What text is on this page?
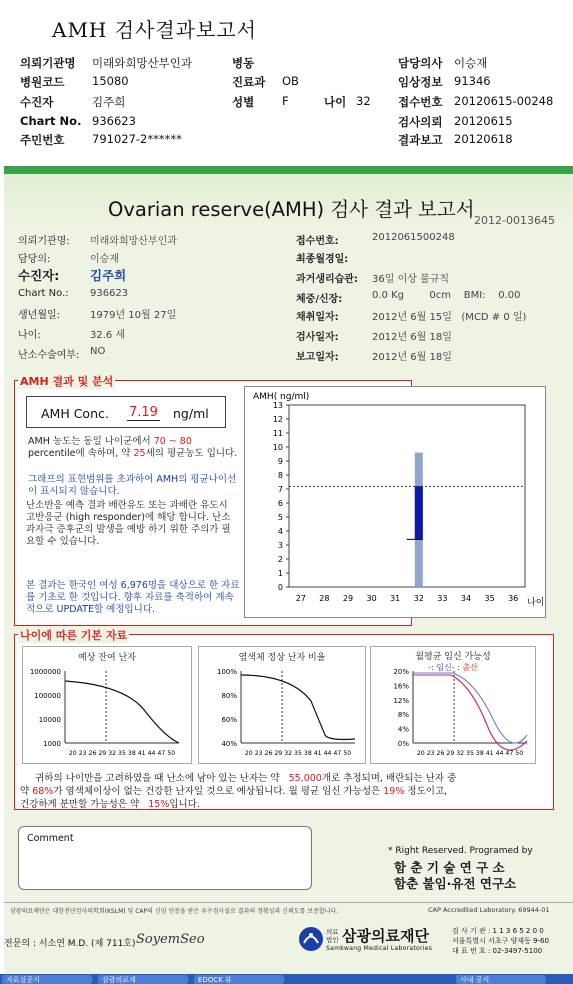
AMH 검사결과보고서
의뢰기관명 미래와희망산부인과	병동	담당의사 이승재
병원코드 15080	진료과 OB	임상정보 91346
수진자	김주희	성별 F	나이 32 접수번호 20120615-00248
Chart No. 936623	검사의뢰 20120615
주민번호 791027-2******	결과보고 20120618
Ovarian reserve(AMH) 검사 결과 보고서 2012-0013645
의뢰기관명: 미래와희망산부인과
담당의:	이승재
수진자: 김주희
Chart No.: 936623
생년월일:	1979년 10월 27일
나이:	32.6 세
난소수술여부: NO
접수번호:	2012061500248
최종월경일:
과거생리습관: 36일 이상 불규칙
체중/신장:	0.0 Kg        0cm    BMI:    0.00
채취일자:	2012년 6월 15일   (MCD # 0 일)
검사일자:	2012년 6월 18일
보고일자:	2012년 6월 18일
AMH 결과 및 분석
AMH Conc. 7.19 ng/ml
AMH 농도는 동일 나이군에서 70 ~ 80
percentile에 속하며, 약 25세의 평균농도 입니다.
그래프의 표현범위를 초과하여 AMH의 평균나이선이 표시되지 않습니다.
난소반응 예측 결과 배란유도 또는 과배란 유도시 고반응군 (high responder)에 해당 합니다. 난소과자극 증후군의 발생을 예방 하기 위한 주의가 필요할 수 있습니다.
본 결과는 한국인 여성 6,976명을 대상으로 한 자료를 기초로 한 것입니다. 향후 자료를 축적하여 계속적으로 UPDATE할 예정입니다.
AMH( ng/ml)
0
1
2
3
4
5
6
7
8
9
10
11
12
13
27 28 29 30 31 32 33 34 35 36 나이
나이에 따른 기본 자료
예상 잔여 난자
1000000
100000
10000
1000
20 23 26 29 32 35 38 41 44 47 50
염색체 정상 난자 비율
100%
80%
60%
40%
20 23 26 29 32 35 38 41 44 47 50
월평균 임신 가능성
-: 임신- : 출산
20%
16%
12%
8%
4%
0%
20 23 26 29 32 35 38 41 44 47 50
귀하의 나이만을 고려하였을 때 난소에 남아 있는 난자는 약 55,000개로 추정되며, 배란되는 난자 중
약 68%가 염색체이상이 없는 건강한 난자일 것으로 예상됩니다. 월 평균 임신 가능성은 19% 정도이고,
건강하게 분만할 가능성은 약 15%입니다.
Comment
* Right Reserved. Programed by
함 춘 기 술 연 구 소
함춘 불임·유전 연구소
삼광의료재단은 대한진단검사의학회(KSLM) 및 CAP의 신임 인증을 받은 우수검사실로 결과의 정확성과 신뢰도를 보증합니다.	CAP Accredited Laboratory. 69944-01
전문의 : 서소연 M.D. (제 711호) SoyemSeo	의료법인 삼광의료재단
Samkwang Medical Laboratories
검 사 기 관 : 1 1 3 6 5 2 0 0
서울특별시 서초구 양재동 9-60
대 표 번 호 : 02-3497-5100
자료실공지	삼광의료재	EDOCK 뷰	사내 공지
